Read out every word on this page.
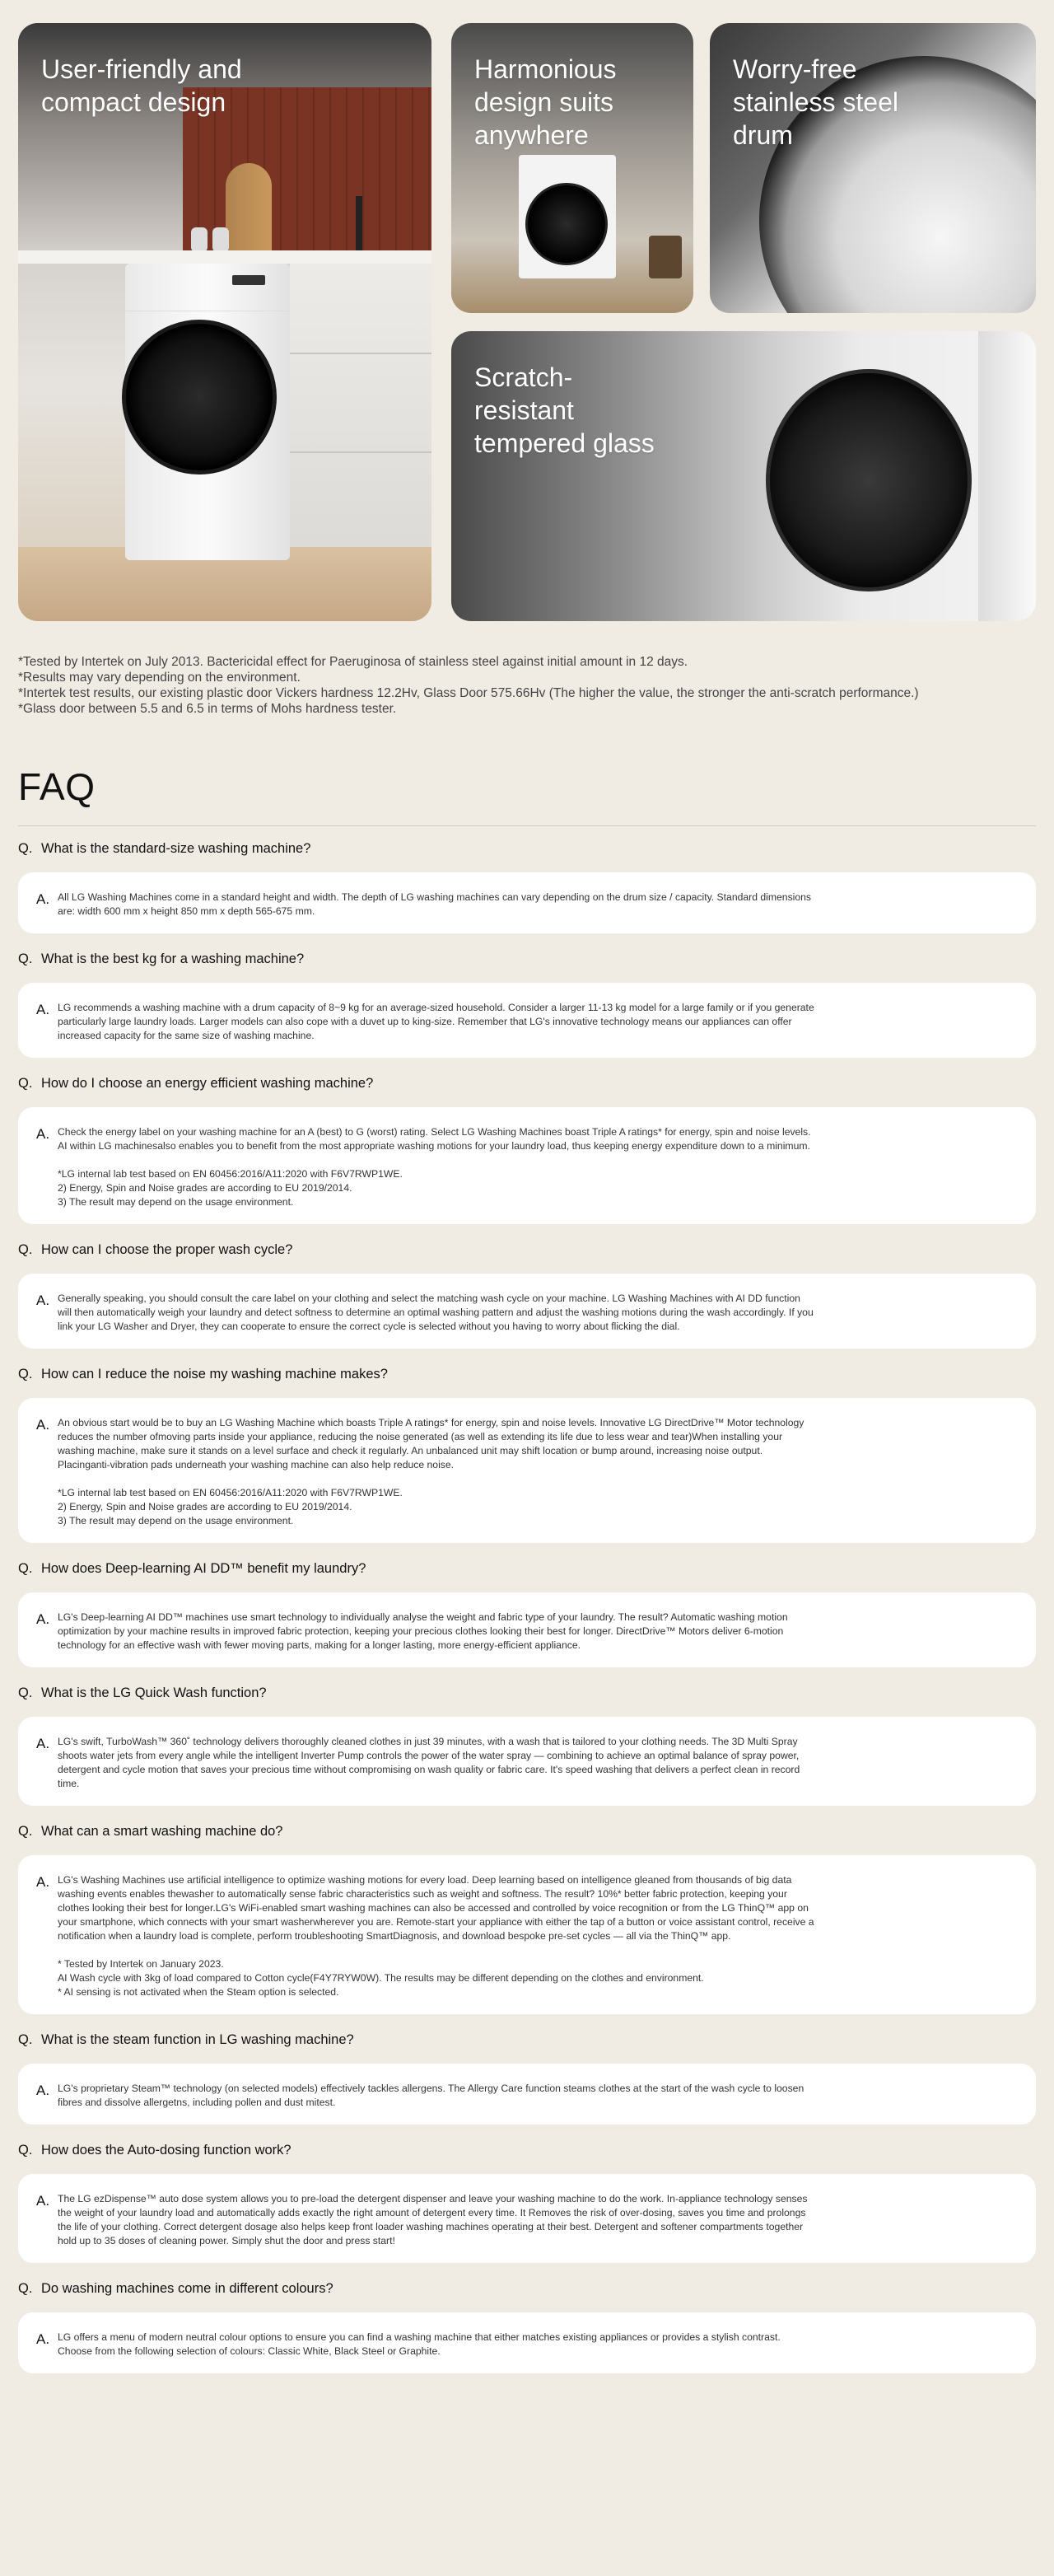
User-friendly and
compact design
Harmonious
design suits
anywhere
Worry-free
stainless steel
drum
Scratch-
resistant
tempered glass
*Tested by Intertek on July 2013. Bactericidal effect for Paeruginosa of stainless steel against initial amount in 12 days.
*Results may vary depending on the environment.
*Intertek test results, our existing plastic door Vickers hardness 12.2Hv, Glass Door 575.66Hv (The higher the value, the stronger the anti-scratch performance.)
*Glass door between 5.5 and 6.5 in terms of Mohs hardness tester.
FAQ
Q. What is the standard-size washing machine?
A. All LG Washing Machines come in a standard height and width. The depth of LG washing machines can vary depending on the drum size / capacity. Standard dimensions are: width 600 mm x height 850 mm x depth 565-675 mm.

Q. What is the best kg for a washing machine?
A. LG recommends a washing machine with a drum capacity of 8~9 kg for an average-sized household. Consider a larger 11-13 kg model for a large family or if you generate particularly large laundry loads. Larger models can also cope with a duvet up to king-size. Remember that LG's innovative technology means our appliances can offer increased capacity for the same size of washing machine.

Q. How do I choose an energy efficient washing machine?
A. Check the energy label on your washing machine for an A (best) to G (worst) rating. Select LG Washing Machines boast Triple A ratings* for energy, spin and noise levels. AI within LG machinesalso enables you to benefit from the most appropriate washing motions for your laundry load, thus keeping energy expenditure down to a minimum.

*LG internal lab test based on EN 60456:2016/A11:2020 with F6V7RWP1WE.

2) Energy, Spin and Noise grades are according to EU 2019/2014.

3) The result may depend on the usage environment.

Q. How can I choose the proper wash cycle?
A. Generally speaking, you should consult the care label on your clothing and select the matching wash cycle on your machine. LG Washing Machines with AI DD function will then automatically weigh your laundry and detect softness to determine an optimal washing pattern and adjust the washing motions during the wash accordingly. If you link your LG Washer and Dryer, they can cooperate to ensure the correct cycle is selected without you having to worry about flicking the dial.

Q. How can I reduce the noise my washing machine makes?
A. An obvious start would be to buy an LG Washing Machine which boasts Triple A ratings* for energy, spin and noise levels. Innovative LG DirectDrive™ Motor technology reduces the number ofmoving parts inside your appliance, reducing the noise generated (as well as extending its life due to less wear and tear)When installing your washing machine, make sure it stands on a level surface and check it regularly. An unbalanced unit may shift location or bump around, increasing noise output. Placinganti-vibration pads underneath your washing machine can also help reduce noise.

*LG internal lab test based on EN 60456:2016/A11:2020 with F6V7RWP1WE.

2) Energy, Spin and Noise grades are according to EU 2019/2014.

3) The result may depend on the usage environment.

Q. How does Deep-learning AI DD™ benefit my laundry?
A. LG's Deep-learning AI DD™ machines use smart technology to individually analyse the weight and fabric type of your laundry. The result? Automatic washing motion optimization by your machine results in improved fabric protection, keeping your precious clothes looking their best for longer. DirectDrive™ Motors deliver 6-motion technology for an effective wash with fewer moving parts, making for a longer lasting, more energy-efficient appliance.

Q. What is the LG Quick Wash function?
A. LG's swift, TurboWash™ 360˚ technology delivers thoroughly cleaned clothes in just 39 minutes, with a wash that is tailored to your clothing needs. The 3D Multi Spray shoots water jets from every angle while the intelligent Inverter Pump controls the power of the water spray — combining to achieve an optimal balance of spray power, detergent and cycle motion that saves your precious time without compromising on wash quality or fabric care. It's speed washing that delivers a perfect clean in record time.

Q. What can a smart washing machine do?
A. LG's Washing Machines use artificial intelligence to optimize washing motions for every load. Deep learning based on intelligence gleaned from thousands of big data washing events enables thewasher to automatically sense fabric characteristics such as weight and softness. The result? 10%* better fabric protection, keeping your clothes looking their best for longer.LG's WiFi-enabled smart washing machines can also be accessed and controlled by voice recognition or from the LG ThinQ™ app on your smartphone, which connects with your smart washerwherever you are. Remote-start your appliance with either the tap of a button or voice assistant control, receive a notification when a laundry load is complete, perform troubleshooting SmartDiagnosis, and download bespoke pre-set cycles — all via the ThinQ™ app.

* Tested by Intertek on January 2023.

AI Wash cycle with 3kg of load compared to Cotton cycle(F4Y7RYW0W). The results may be different depending on the clothes and environment.

* AI sensing is not activated when the Steam option is selected.

Q. What is the steam function in LG washing machine?
A. LG's proprietary Steam™ technology (on selected models) effectively tackles allergens. The Allergy Care function steams clothes at the start of the wash cycle to loosen fibres and dissolve allergetns, including pollen and dust mitest.

Q. How does the Auto-dosing function work?
A. The LG ezDispense™ auto dose system allows you to pre-load the detergent dispenser and leave your washing machine to do the work. In-appliance technology senses the weight of your laundry load and automatically adds exactly the right amount of detergent every time. It Removes the risk of over-dosing, saves you time and prolongs the life of your clothing. Correct detergent dosage also helps keep front loader washing machines operating at their best. Detergent and softener compartments together hold up to 35 doses of cleaning power. Simply shut the door and press start!

Q. Do washing machines come in different colours?
A. LG offers a menu of modern neutral colour options to ensure you can find a washing machine that either matches existing appliances or provides a stylish contrast. Choose from the following selection of colours: Classic White, Black Steel or Graphite.
